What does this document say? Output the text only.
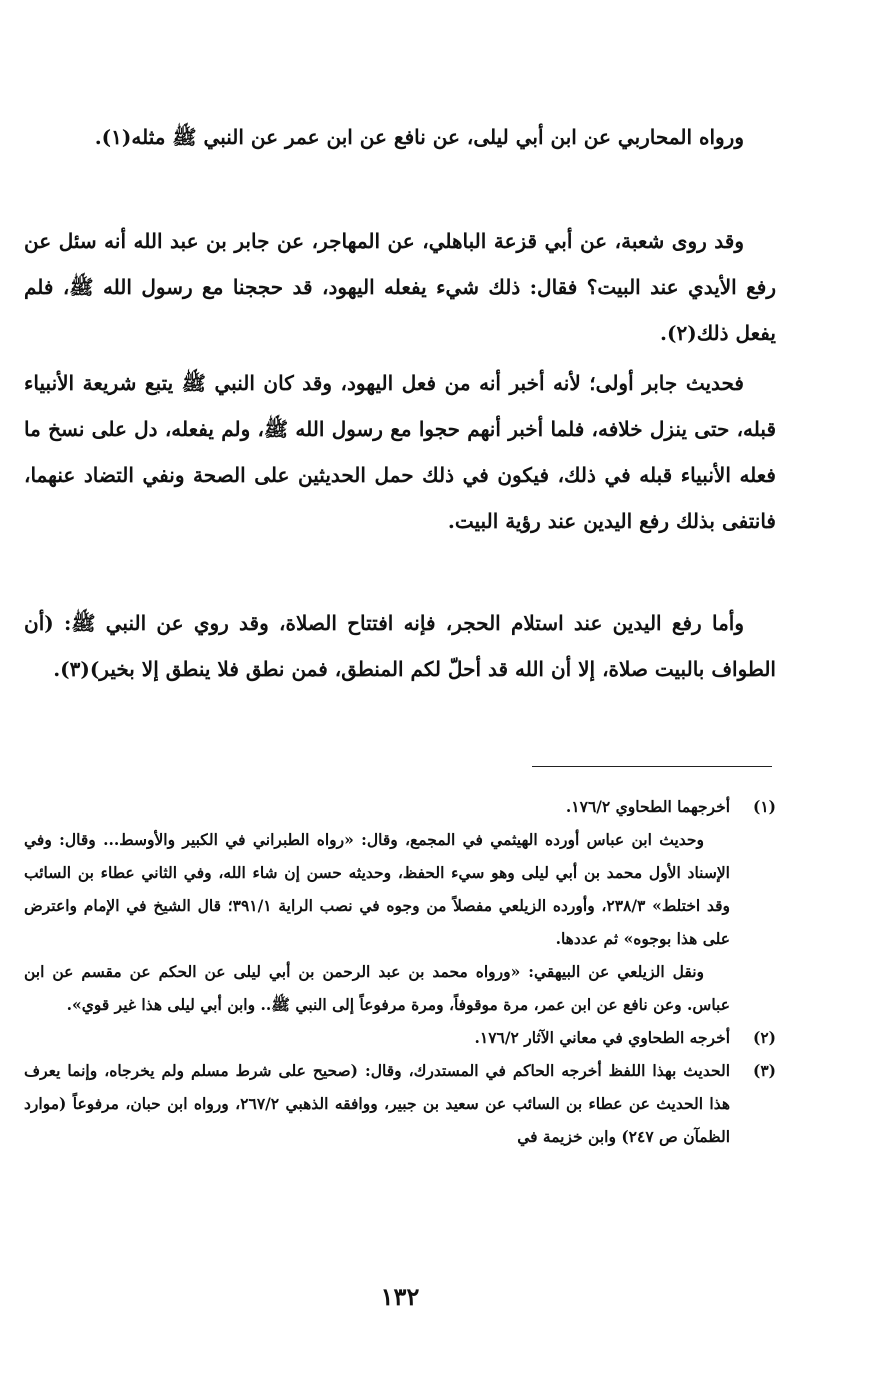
ورواه المحاربي عن ابن أبي ليلى، عن نافع عن ابن عمر عن النبي ﷺ مثله(١).

وقد روى شعبة، عن أبي قزعة الباهلي، عن المهاجر، عن جابر بن عبد الله أنه سئل عن رفع الأيدي عند البيت؟ فقال: ذلك شيء يفعله اليهود، قد حججنا مع رسول الله ﷺ، فلم يفعل ذلك(٢).

فحديث جابر أولى؛ لأنه أخبر أنه من فعل اليهود، وقد كان النبي ﷺ يتبع شريعة الأنبياء قبله، حتى ينزل خلافه، فلما أخبر أنهم حجوا مع رسول الله ﷺ، ولم يفعله، دل على نسخ ما فعله الأنبياء قبله في ذلك، فيكون في ذلك حمل الحديثين على الصحة ونفي التضاد عنهما، فانتفى بذلك رفع اليدين عند رؤية البيت.

وأما رفع اليدين عند استلام الحجر، فإنه افتتاح الصلاة، وقد روي عن النبي ﷺ: (أن الطواف بالبيت صلاة، إلا أن الله قد أحلّ لكم المنطق، فمن نطق فلا ينطق إلا بخير)(٣).

(١)

أخرجهما الطحاوي ١٧٦/٢.

وحديث ابن عباس أورده الهيثمي في المجمع، وقال: «رواه الطبراني في الكبير والأوسط... وقال: وفي الإسناد الأول محمد بن أبي ليلى وهو سيء الحفظ، وحديثه حسن إن شاء الله، وفي الثاني عطاء بن السائب وقد اختلط» ٢٣٨/٣، وأورده الزيلعي مفصلاً من وجوه في نصب الراية ٣٩١/١؛ قال الشيخ في الإمام واعترض على هذا بوجوه» ثم عددها.

ونقل الزيلعي عن البيهقي: «ورواه محمد بن عبد الرحمن بن أبي ليلى عن الحكم عن مقسم عن ابن عباس. وعن نافع عن ابن عمر، مرة موقوفاً، ومرة مرفوعاً إلى النبي ﷺ.. وابن أبي ليلى هذا غير قوي».

(٢)

أخرجه الطحاوي في معاني الآثار ١٧٦/٢.

(٣)

الحديث بهذا اللفظ أخرجه الحاكم في المستدرك، وقال: (صحيح على شرط مسلم ولم يخرجاه، وإنما يعرف هذا الحديث عن عطاء بن السائب عن سعيد بن جبير، ووافقه الذهبي ٢٦٧/٢، ورواه ابن حبان، مرفوعاً (موارد الظمآن ص ٢٤٧) وابن خزيمة في

١٣٢
